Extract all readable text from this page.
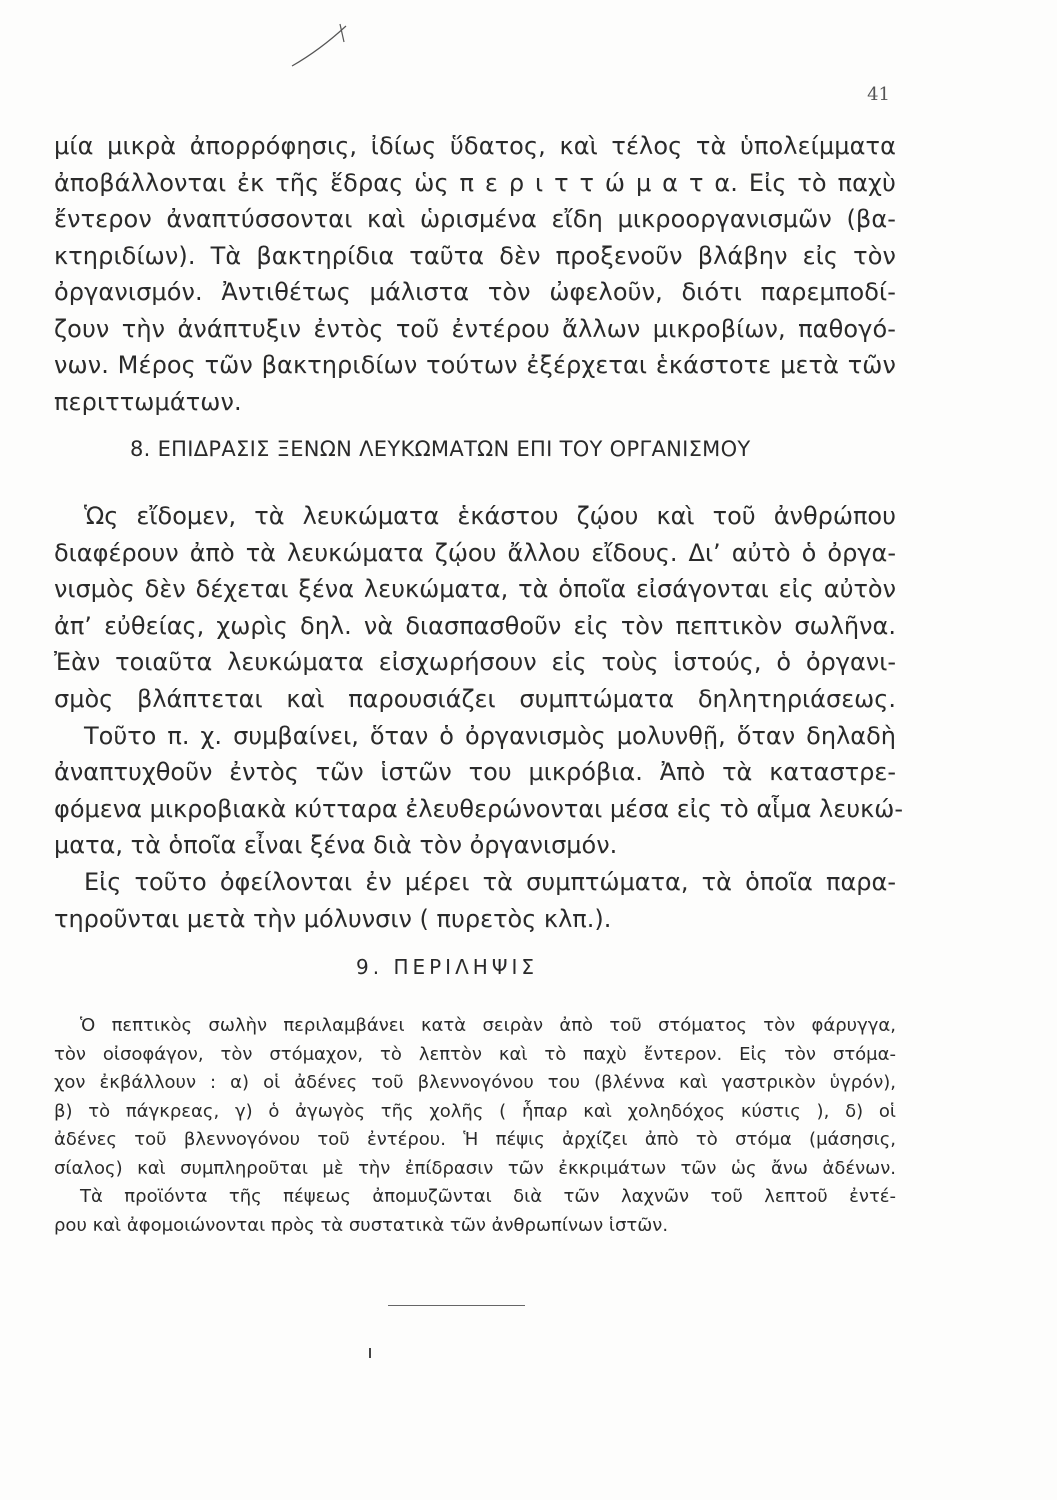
41
μία μικρὰ ἀπορρόφησις, ἰδίως ὕδατος, καὶ τέλος τὰ ὑπολείμματα
ἀποβάλλονται ἐκ τῆς ἕδρας ὡς π ε ρ ι τ τ ώ μ α τ α. Εἰς τὸ παχὺ
ἔντερον ἀναπτύσσονται καὶ ὡρισμένα εἴδη μικροοργανισμῶν (βα-
κτηριδίων). Τὰ βακτηρίδια ταῦτα δὲν προξενοῦν βλάβην εἰς τὸν
ὀργανισμόν. Ἀντιθέτως μάλιστα τὸν ὠφελοῦν, διότι παρεμποδί-
ζουν τὴν ἀνάπτυξιν ἐντὸς τοῦ ἐντέρου ἄλλων μικροβίων, παθογό-
νων. Μέρος τῶν βακτηριδίων τούτων ἐξέρχεται ἑκάστοτε μετὰ τῶν
περιττωμάτων.
8. ΕΠΙΔΡΑΣΙΣ ΞΕΝΩΝ ΛΕΥΚΩΜΑΤΩΝ ΕΠΙ ΤΟΥ ΟΡΓΑΝΙΣΜΟΥ
Ὡς εἴδομεν, τὰ λευκώματα ἑκάστου ζῴου καὶ τοῦ ἀνθρώπου
διαφέρουν ἀπὸ τὰ λευκώματα ζῴου ἄλλου εἴδους. Δι’ αὐτὸ ὁ ὀργα-
νισμὸς δὲν δέχεται ξένα λευκώματα, τὰ ὁποῖα εἰσάγονται εἰς αὐτὸν
ἀπ’ εὐθείας, χωρὶς δηλ. νὰ διασπασθοῦν εἰς τὸν πεπτικὸν σωλῆνα.
Ἐὰν τοιαῦτα λευκώματα εἰσχωρήσουν εἰς τοὺς ἱστούς, ὁ ὀργανι-
σμὸς βλάπτεται καὶ παρουσιάζει συμπτώματα δηλητηριάσεως.
Τοῦτο π. χ. συμβαίνει, ὅταν ὁ ὀργανισμὸς μολυνθῇ, ὅταν δηλαδὴ
ἀναπτυχθοῦν ἐντὸς τῶν ἱστῶν του μικρόβια. Ἀπὸ τὰ καταστρε-
φόμενα μικροβιακὰ κύτταρα ἐλευθερώνονται μέσα εἰς τὸ αἷμα λευκώ-
ματα, τὰ ὁποῖα εἶναι ξένα διὰ τὸν ὀργανισμόν.
Εἰς τοῦτο ὀφείλονται ἐν μέρει τὰ συμπτώματα, τὰ ὁποῖα παρα-
τηροῦνται μετὰ τὴν μόλυνσιν ( πυρετὸς κλπ.).
9. ΠΕΡΙΛΗΨΙΣ
Ὁ πεπτικὸς σωλὴν περιλαμβάνει κατὰ σειρὰν ἀπὸ τοῦ στόματος τὸν φάρυγγα,
τὸν οἰσοφάγον, τὸν στόμαχον, τὸ λεπτὸν καὶ τὸ παχὺ ἔντερον. Εἰς τὸν στόμα-
χον ἐκβάλλουν : α) οἱ ἀδένες τοῦ βλεννογόνου του (βλέννα καὶ γαστρικὸν ὑγρόν),
β) τὸ πάγκρεας, γ) ὁ ἀγωγὸς τῆς χολῆς ( ἧπαρ καὶ χοληδόχος κύστις ), δ) οἱ
ἀδένες τοῦ βλεννογόνου τοῦ ἐντέρου. Ἡ πέψις ἀρχίζει ἀπὸ τὸ στόμα (μάσησις,
σίαλος) καὶ συμπληροῦται μὲ τὴν ἐπίδρασιν τῶν ἐκκριμάτων τῶν ὡς ἄνω ἀδένων.
Τὰ προϊόντα τῆς πέψεως ἀπομυζῶνται διὰ τῶν λαχνῶν τοῦ λεπτοῦ ἐντέ-
ρου καὶ ἀφομοιώνονται πρὸς τὰ συστατικὰ τῶν ἀνθρωπίνων ἱστῶν.
